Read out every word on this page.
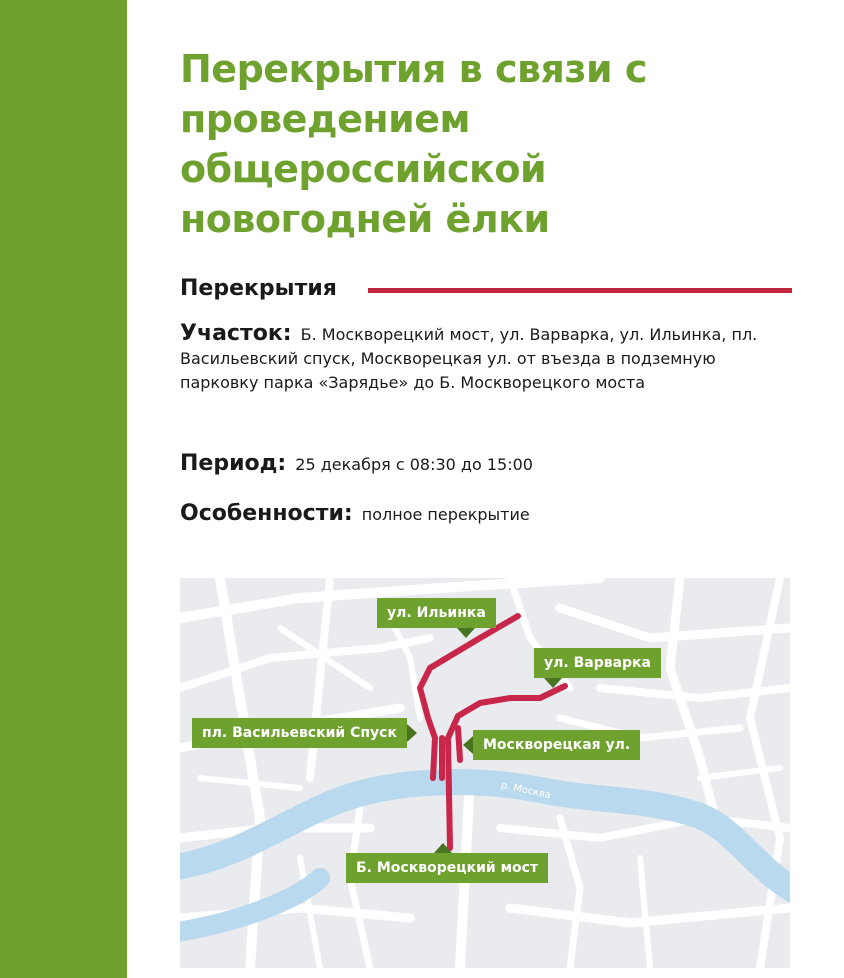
Перекрытия в связи с проведением общероссийской новогодней ёлки
Перекрытия
Участок: Б. Москворецкий мост, ул. Варварка, ул. Ильинка, пл. Васильевский спуск, Москворецкая ул. от въезда в подземную парковку парка «Зарядье» до Б. Москворецкого моста
Период: 25 декабря с 08:30 до 15:00
Особенности: полное перекрытие
р. Москва
ул. Ильинка
ул. Варварка
пл. Васильевский Спуск
Москворецкая ул.
Б. Москворецкий мост
